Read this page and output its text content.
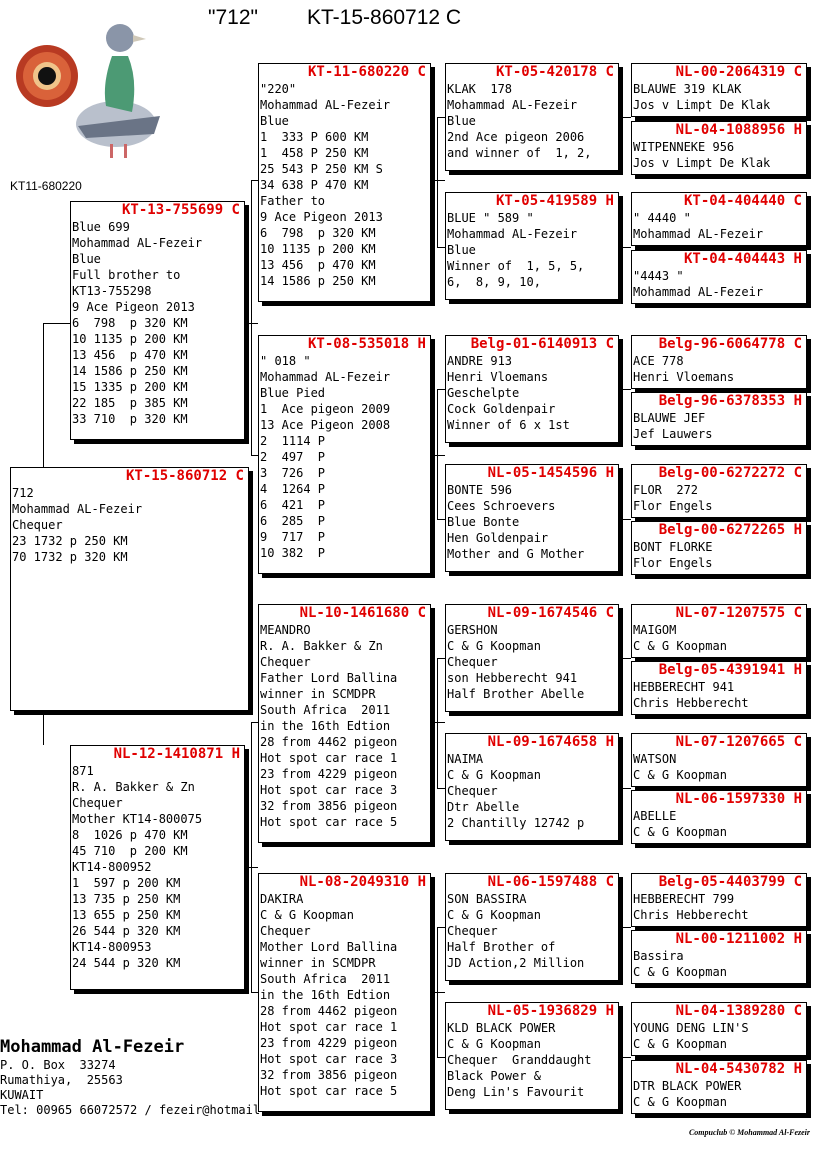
"712" KT-15-860712 C
KT11-680220
KT-15-860712 C
712
Mohammad AL-Fezeir
Chequer
23 1732 p 250 KM
70 1732 p 320 KM
KT-13-755699 C
Blue 699
Mohammad AL-Fezeir
Blue
Full brother to
KT13-755298
9 Ace Pigeon 2013
6  798  p 320 KM
10 1135 p 200 KM
13 456  p 470 KM
14 1586 p 250 KM
15 1335 p 200 KM
22 185  p 385 KM
33 710  p 320 KM
NL-12-1410871 H
871
R. A. Bakker & Zn
Chequer
Mother KT14-800075
8  1026 p 470 KM
45 710  p 200 KM
KT14-800952
1  597 p 200 KM
13 735 p 250 KM
13 655 p 250 KM
26 544 p 320 KM
KT14-800953
24 544 p 320 KM
KT-11-680220 C
"220"
Mohammad AL-Fezeir
Blue
1  333 P 600 KM
1  458 P 250 KM
25 543 P 250 KM S
34 638 P 470 KM
Father to
9 Ace Pigeon 2013
6  798  p 320 KM
10 1135 p 200 KM
13 456  p 470 KM
14 1586 p 250 KM
KT-08-535018 H
" 018 "
Mohammad AL-Fezeir
Blue Pied
1  Ace pigeon 2009
13 Ace Pigeon 2008
2  1114 P
2  497  P
3  726  P
4  1264 P
6  421  P
6  285  P
9  717  P
10 382  P
NL-10-1461680 C
MEANDRO
R. A. Bakker & Zn
Chequer
Father Lord Ballina
winner in SCMDPR
South Africa  2011
in the 16th Edtion
28 from 4462 pigeon
Hot spot car race 1
23 from 4229 pigeon
Hot spot car race 3
32 from 3856 pigeon
Hot spot car race 5
NL-08-2049310 H
DAKIRA
C & G Koopman
Chequer
Mother Lord Ballina
winner in SCMDPR
South Africa  2011
in the 16th Edtion
28 from 4462 pigeon
Hot spot car race 1
23 from 4229 pigeon
Hot spot car race 3
32 from 3856 pigeon
Hot spot car race 5
KT-05-420178 C
KLAK  178
Mohammad AL-Fezeir
Blue
2nd Ace pigeon 2006
and winner of  1, 2,
KT-05-419589 H
BLUE " 589 "
Mohammad AL-Fezeir
Blue
Winner of  1, 5, 5,
6,  8, 9, 10,
Belg-01-6140913 C
ANDRE 913
Henri Vloemans
Geschelpte
Cock Goldenpair
Winner of 6 x 1st
NL-05-1454596 H
BONTE 596
Cees Schroevers
Blue Bonte
Hen Goldenpair
Mother and G Mother
NL-09-1674546 C
GERSHON
C & G Koopman
Chequer
son Hebberecht 941
Half Brother Abelle
NL-09-1674658 H
NAIMA
C & G Koopman
Chequer
Dtr Abelle
2 Chantilly 12742 p
NL-06-1597488 C
SON BASSIRA
C & G Koopman
Chequer
Half Brother of
JD Action,2 Million
NL-05-1936829 H
KLD BLACK POWER
C & G Koopman
Chequer  Granddaught
Black Power &
Deng Lin's Favourit
NL-00-2064319 C
BLAUWE 319 KLAK
Jos v Limpt De Klak
NL-04-1088956 H
WITPENNEKE 956
Jos v Limpt De Klak
KT-04-404440 C
" 4440 "
Mohammad AL-Fezeir
KT-04-404443 H
"4443 "
Mohammad AL-Fezeir
Belg-96-6064778 C
ACE 778
Henri Vloemans
Belg-96-6378353 H
BLAUWE JEF
Jef Lauwers
Belg-00-6272272 C
FLOR  272
Flor Engels
Belg-00-6272265 H
BONT FLORKE
Flor Engels
NL-07-1207575 C
MAIGOM
C & G Koopman
Belg-05-4391941 H
HEBBERECHT 941
Chris Hebberecht
NL-07-1207665 C
WATSON
C & G Koopman
NL-06-1597330 H
ABELLE
C & G Koopman
Belg-05-4403799 C
HEBBERECHT 799
Chris Hebberecht
NL-00-1211002 H
Bassira
C & G Koopman
NL-04-1389280 C
YOUNG DENG LIN'S
C & G Koopman
NL-04-5430782 H
DTR BLACK POWER
C & G Koopman
Mohammad Al-Fezeir
P. O. Box  33274
Rumathiya,  25563
KUWAIT
Tel: 00965 66072572 / fezeir@hotmail.
Compuclub © Mohammad Al-Fezeir
